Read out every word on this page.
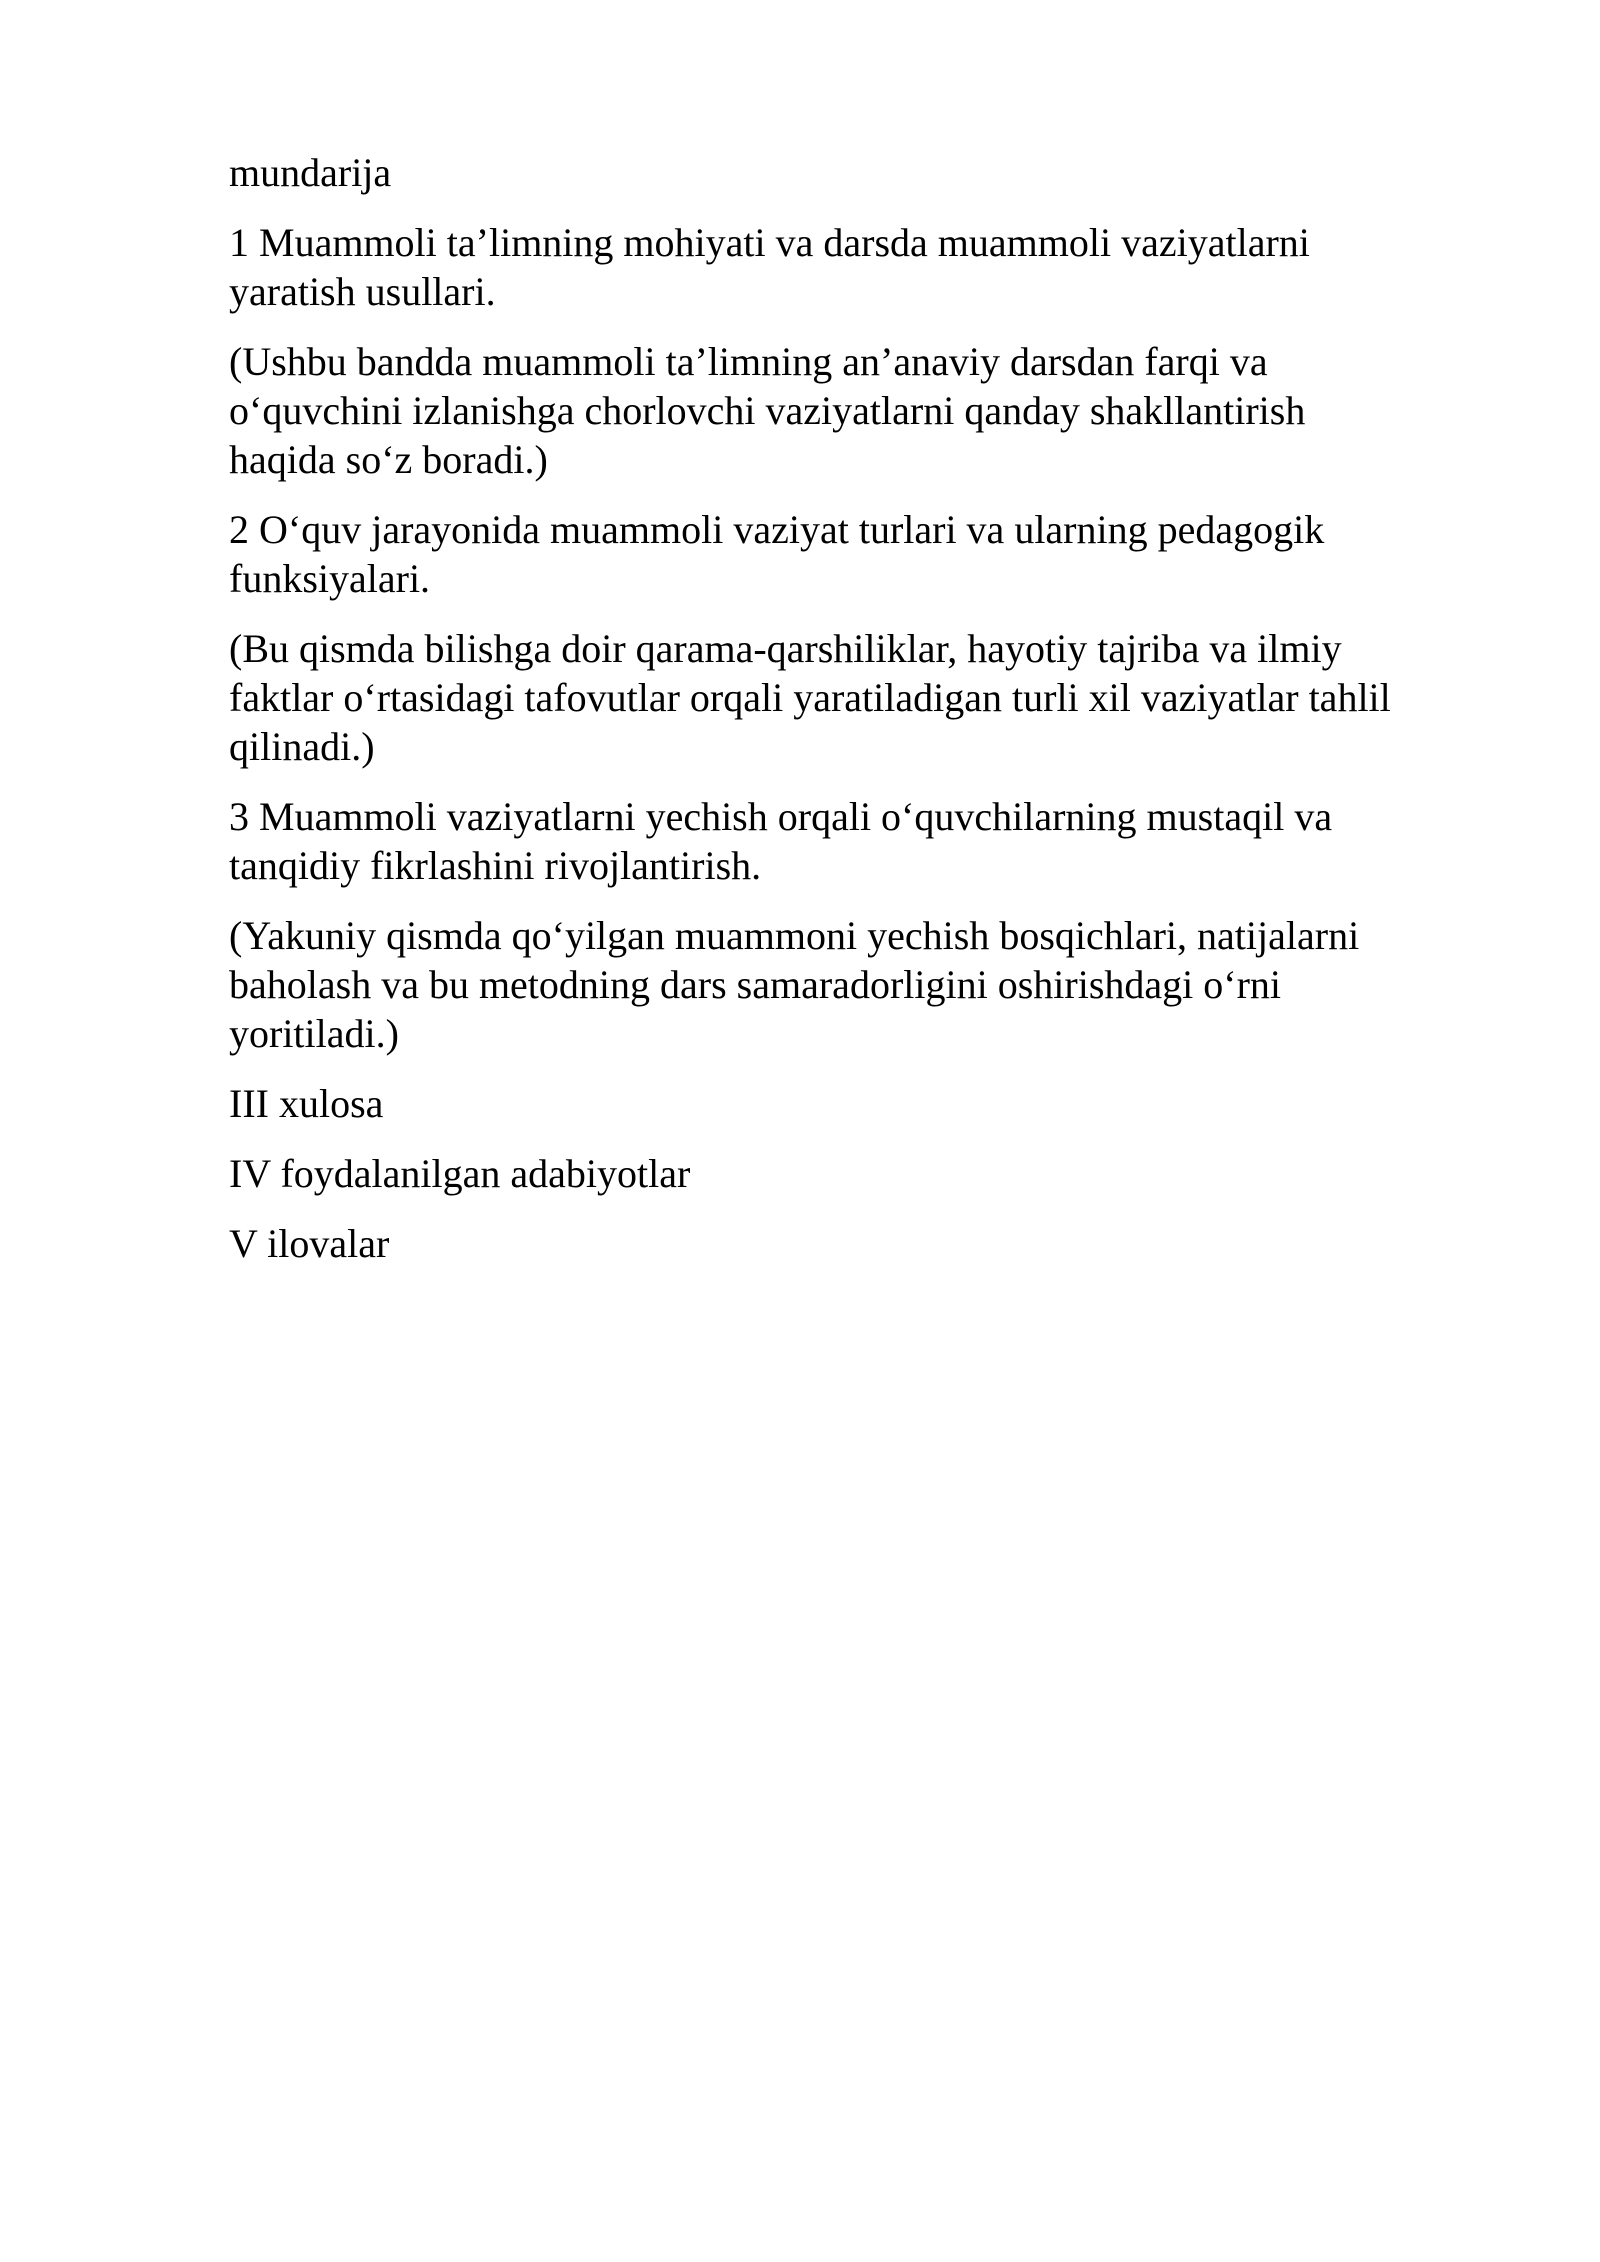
mundarija

1 Muammoli ta’limning mohiyati va darsda muammoli vaziyatlarni
yaratish usullari.

(Ushbu bandda muammoli ta’limning an’anaviy darsdan farqi va
o‘quvchini izlanishga chorlovchi vaziyatlarni qanday shakllantirish
haqida so‘z boradi.)

2 O‘quv jarayonida muammoli vaziyat turlari va ularning pedagogik
funksiyalari.

(Bu qismda bilishga doir qarama-qarshiliklar, hayotiy tajriba va ilmiy
faktlar o‘rtasidagi tafovutlar orqali yaratiladigan turli xil vaziyatlar tahlil
qilinadi.)

3 Muammoli vaziyatlarni yechish orqali o‘quvchilarning mustaqil va
tanqidiy fikrlashini rivojlantirish.

(Yakuniy qismda qo‘yilgan muammoni yechish bosqichlari, natijalarni
baholash va bu metodning dars samaradorligini oshirishdagi o‘rni
yoritiladi.)

III xulosa

IV foydalanilgan adabiyotlar

V ilovalar
